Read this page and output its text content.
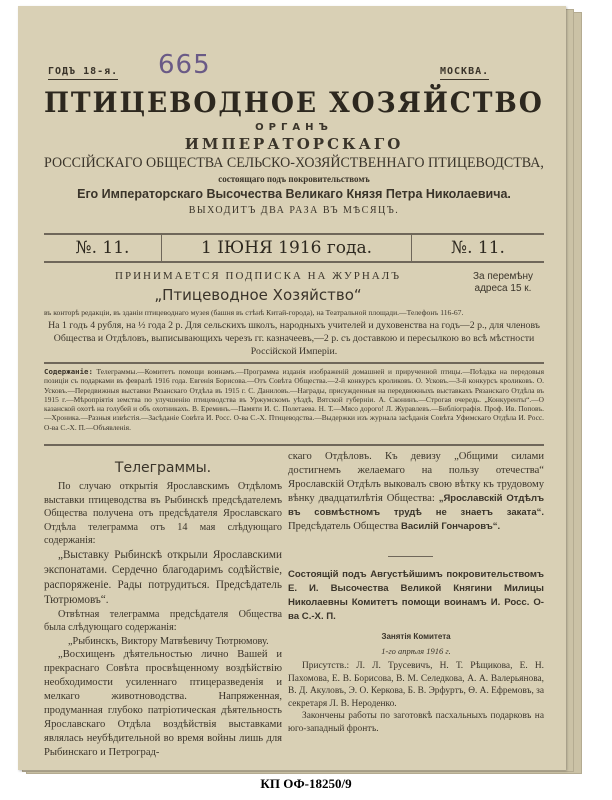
ГОДЪ 18-я. 665	МОСКВА.
ПТИЦЕВОДНОЕ ХОЗЯЙСТВО
ОРГАНЪ
ИМПЕРАТОРСКАГО
РОССІЙСКАГО ОБЩЕСТВА СЕЛЬСКО-ХОЗЯЙСТВЕННАГО ПТИЦЕВОДСТВА,
состоящаго подъ покровительствомъ
Его Императорскаго Высочества Великаго Князя Петра Николаевича.
ВЫХОДИТЪ ДВА РАЗА ВЪ МѢСЯЦЪ.
№. 11.	1 ІЮНЯ 1916 года.	№. 11.
ПРИНИМАЕТСЯ ПОДПИСКА НА ЖУРНАЛЪ
„Птицеводное Хозяйство“
За перемѣну адреса 15 к.
въ конторѣ редакціи, въ зданіи птицеводнаго музея (башня въ стѣнѣ Китай-города), на Театральной площади.—Телефонъ 116-67.
На 1 годъ 4 рубля, на ½ года 2 р. Для сельскихъ школъ, народныхъ учителей и духовенства на годъ—2 р., для членовъ Общества и Отдѣловъ, выписывающихъ черезъ гг. казначеевъ,—2 р. съ доставкою и пересылкою во всѣ мѣстности Россійской Имперіи.
Содержаніе: Телеграммы.—Комитетъ помощи воинамъ.—Программа изданія изображеній домашней и прирученной птицы.—Поѣздка на передовыя позиціи съ подарками въ февралѣ 1916 года. Евгенія Борисова.—Отъ Совѣта Общества.—2-й конкурсъ кроликовъ. О. Усковъ.—3-й конкурсъ кроликовъ. О. Усковъ.—Передвижныя выставки Рязанскаго Отдѣла въ 1915 г. С. Даниловъ.—Награды, присужденныя на передвижныхъ выставкахъ Рязанскаго Отдѣла въ 1915 г.—Мѣропріятія земства по улучшенію птицеводства въ Уржумскомъ уѣздѣ, Вятской губерніи. А. Сконинъ.—Строгая очередь. „Конкуренты“.—О казанской охотѣ на голубей и объ охотникахъ. В. Ереминъ.—Памяти И. С. Полетаева. Н. Т.—Мясо дорого! Л. Журавлевъ.—Библіографія. Проф. Ив. Поповъ.—Хроника.—Разныя извѣстія.—Засѣданіе Совѣта И. Росс. О-ва С.-Х. Птицеводства.—Выдержки изъ журнала засѣданія Совѣта Уфимскаго Отдѣла И. Росс. О-ва С.-Х. П.—Объявленія.
Телеграммы.

По случаю открытія Ярославскимъ Отдѣломъ выставки птицеводства въ Рыбинскѣ предсѣдателемъ Общества получена отъ предсѣдателя Ярославскаго Отдѣла телеграмма отъ 14 мая слѣдующаго содержанія:

„Выставку Рыбинскѣ открыли Ярославскими экспонатами. Сердечно благодаримъ содѣйствіе, распоряженіе. Рады потрудиться. Предсѣдатель Тютрюмовъ“.

Отвѣтная телеграмма предсѣдателя Общества была слѣдующаго содержанія:

„Рыбинскъ, Виктору Матвѣевичу Тютрюмову.

„Восхищенъ дѣятельностью лично Вашей и прекраснаго Совѣта просвѣщенному воздѣйствію необходимости усиленнаго птицеразведенія и мелкаго животноводства. Напряженная, продуманная глубоко патріотическая дѣятельность Ярославскаго Отдѣла воздѣйствія выставками являлась неубѣдительной во время войны лишь для Рыбинскаго и Петроград-

скаго Отдѣловъ. Къ девизу „Общими силами достигнемъ желаемаго на пользу отечества“ Ярославскій Отдѣлъ выковалъ свою вѣтку къ трудовому вѣнку двадцатилѣтія Общества: „Ярославскій Отдѣлъ въ совмѣстномъ трудѣ не знаетъ заката“. Предсѣдатель Общества Василій Гончаровъ“.
Состоящій подъ Августѣйшимъ покровительствомъ Е. И. Высочества Великой Княгини Милицы Николаевны Комитетъ помощи воинамъ И. Росс. О-ва С.-Х. П.
Занятія Комитета
1-го апрѣля 1916 г.

Присутств.: Л. Л. Трусевичъ, Н. Т. Рѣщикова, Е. Н. Пахомова, Е. В. Борисова, В. М. Селедкова, А. А. Валерьянова, В. Д. Акуловъ, Э. О. Керкова, Б. В. Эрфуртъ, Ѳ. А. Ефремовъ, за секретаря Л. В. Нероденко.

Закончены работы по заготовкѣ пасхальныхъ подарковъ на юго-западный фронтъ.

КП ОФ-18250/9
